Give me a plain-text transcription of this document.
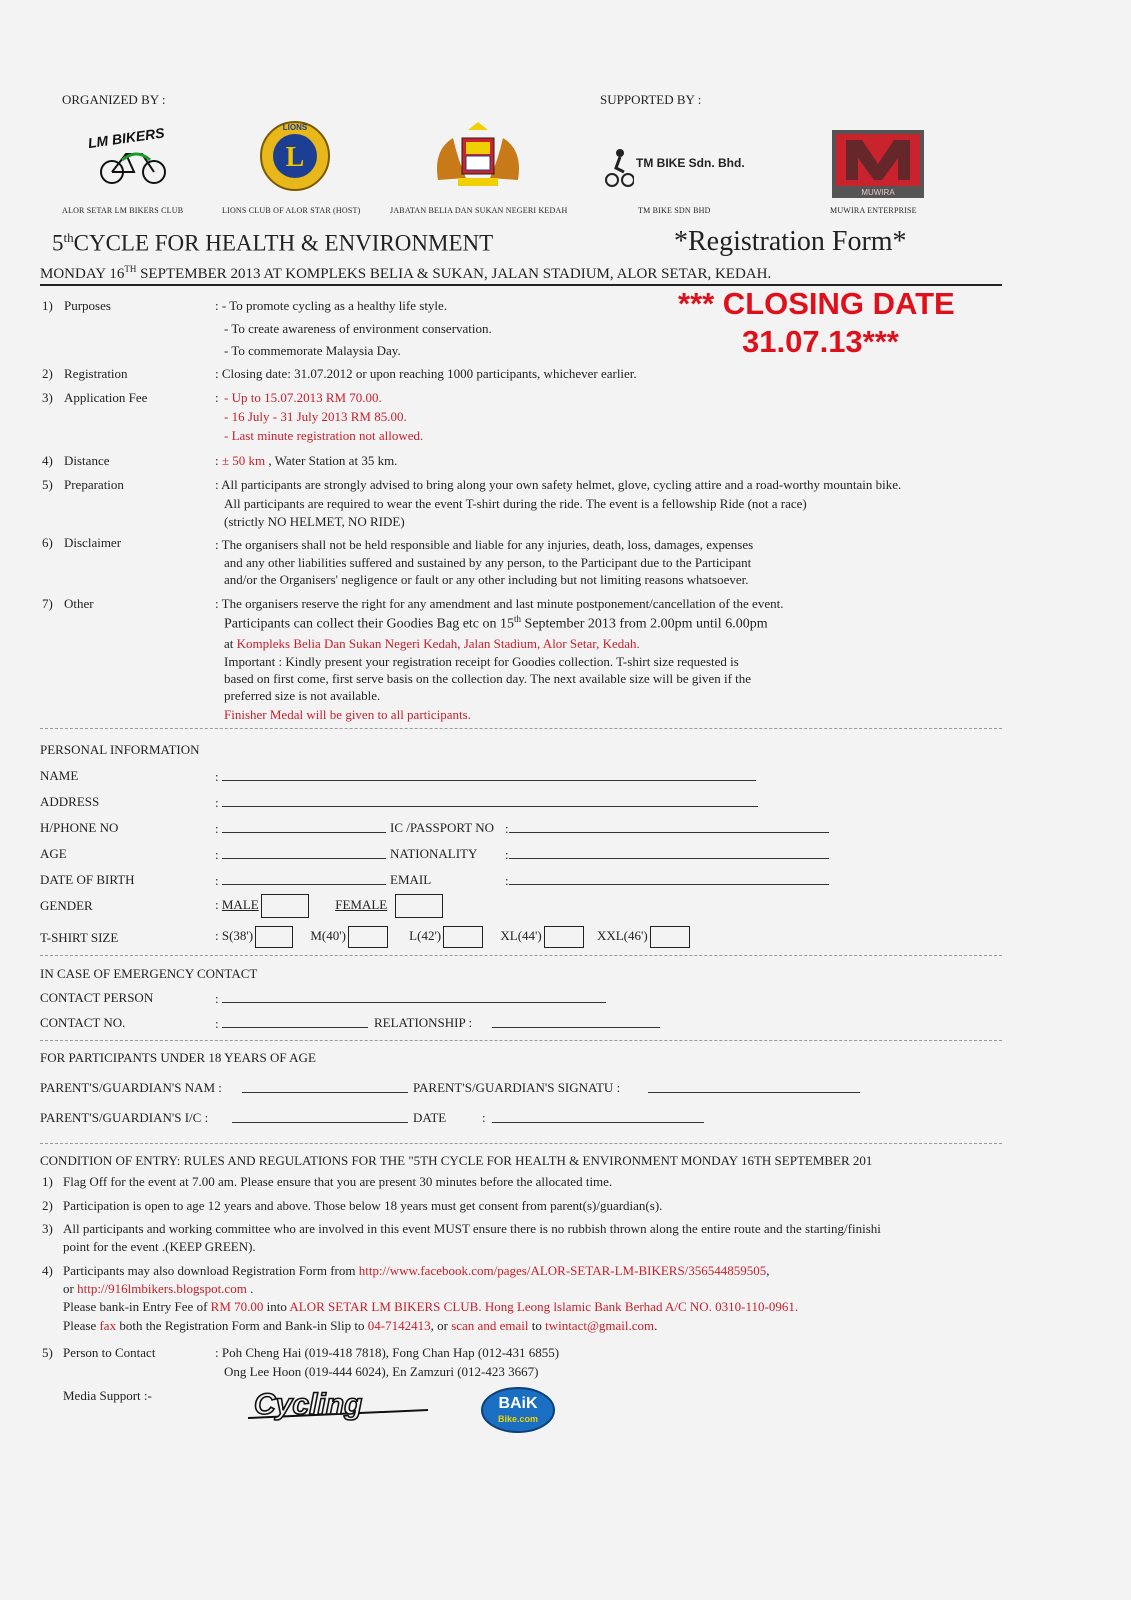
ORGANIZED BY :	SUPPORTED BY :
LM BIKERS
ALOR SETAR LM BIKERS CLUB
L
LIONS
LIONS CLUB OF ALOR STAR (HOST)	JABATAN BELIA DAN SUKAN NEGERI KEDAH
TM BIKE Sdn. Bhd.
TM BIKE SDN BHD
MUWIRA
MUWIRA ENTERPRISE
5thCYCLE FOR HEALTH & ENVIRONMENT	*Registration Form*
MONDAY 16TH SEPTEMBER 2013 AT KOMPLEKS BELIA & SUKAN, JALAN STADIUM, ALOR SETAR, KEDAH.
*** CLOSING DATE
31.07.13***
1) Purposes	: - To promote cycling as a healthy life style.
- To create awareness of environment conservation.
- To commemorate Malaysia Day.
2) Registration	: Closing date: 31.07.2012 or upon reaching 1000 participants, whichever earlier.
3) Application Fee	: - Up to 15.07.2013 RM 70.00.
- 16 July - 31 July 2013 RM 85.00.
- Last minute registration not allowed.
4) Distance	: ± 50 km , Water Station at 35 km.
5) Preparation	: All participants are strongly advised to bring along your own safety helmet, glove, cycling attire and a road-worthy mountain bike.
All participants are required to wear the event T-shirt during the ride. The event is a fellowship Ride (not a race)
(strictly NO HELMET, NO RIDE)
6) Disclaimer	: The organisers shall not be held responsible and liable for any injuries, death, loss, damages, expenses
and any other liabilities suffered and sustained by any person, to the Participant due to the Participant
and/or the Organisers' negligence or fault or any other including but not limiting reasons whatsoever.
7) Other	: The organisers reserve the right for any amendment and last minute postponement/cancellation of the event.
Participants can collect their Goodies Bag etc on 15th September 2013 from 2.00pm until 6.00pm
at Kompleks Belia Dan Sukan Negeri Kedah, Jalan Stadium, Alor Setar, Kedah.
Important : Kindly present your registration receipt for Goodies collection. T-shirt size requested is
based on first come, first serve basis on the collection day. The next available size will be given if the
preferred size is not available.
Finisher Medal will be given to all participants.
PERSONAL INFORMATION
NAME	:
ADDRESS	:
H/PHONE NO	:	IC /PASSPORT NO :
AGE	:	NATIONALITY :
DATE OF BIRTH	:	EMAIL	:
GENDER	: MALE	FEMALE
T-SHIRT SIZE	: S(38')	M(40')	L(42')	XL(44')	XXL(46')
IN CASE OF EMERGENCY CONTACT
CONTACT PERSON	:
CONTACT NO.	:	RELATIONSHIP :
FOR PARTICIPANTS UNDER 18 YEARS OF AGE
PARENT'S/GUARDIAN'S NAM :	PARENT'S/GUARDIAN'S SIGNATU :
PARENT'S/GUARDIAN'S I/C :	DATE	:
CONDITION OF ENTRY: RULES AND REGULATIONS FOR THE "5TH CYCLE FOR HEALTH & ENVIRONMENT MONDAY 16TH SEPTEMBER 201
1) Flag Off for the event at 7.00 am. Please ensure that you are present 30 minutes before the allocated time.
2) Participation is open to age 12 years and above. Those below 18 years must get consent from parent(s)/guardian(s).
3) All participants and working committee who are involved in this event MUST ensure there is no rubbish thrown along the entire route and the starting/finishi
point for the event .(KEEP GREEN).
4) Participants may also download Registration Form from http://www.facebook.com/pages/ALOR-SETAR-LM-BIKERS/356544859505,
or http://916lmbikers.blogspot.com .
Please bank-in Entry Fee of RM 70.00 into ALOR SETAR LM BIKERS CLUB. Hong Leong lslamic Bank Berhad A/C NO. 0310-110-0961.
Please fax both the Registration Form and Bank-in Slip to 04-7142413, or scan and email to twintact@gmail.com.
5) Person to Contact	: Poh Cheng Hai (019-418 7818), Fong Chan Hap (012-431 6855)
Ong Lee Hoon (019-444 6024), En Zamzuri (012-423 3667)
Media Support :-	Cycling	BAiK
Bike.com
